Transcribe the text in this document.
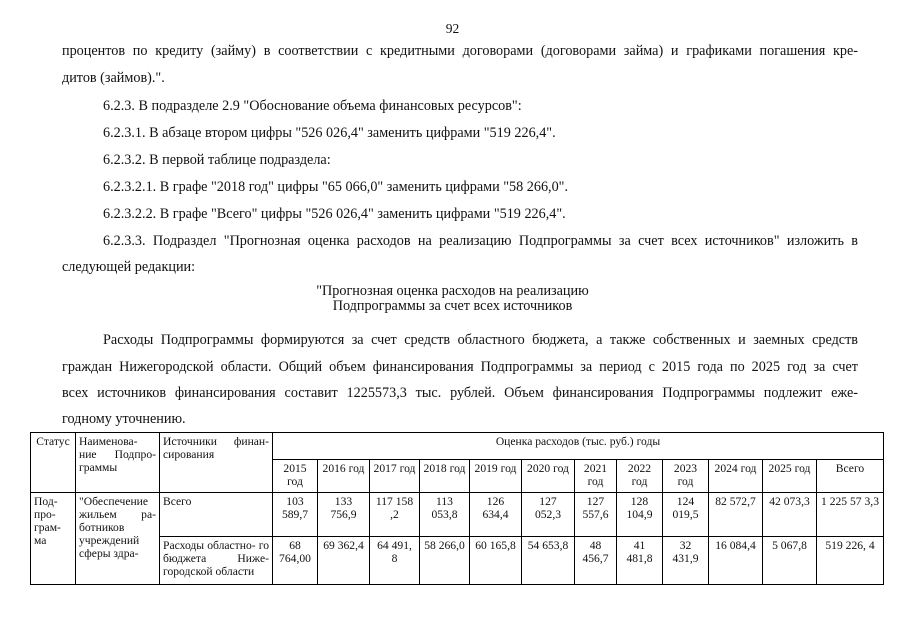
92
процентов по кредиту (займу) в соответствии с кредитными договорами (договорами займа) и графиками погашения кре-
дитов (займов).".
6.2.3. В подразделе 2.9 "Обоснование объема финансовых ресурсов":
6.2.3.1. В абзаце втором цифры "526 026,4" заменить цифрами "519 226,4".
6.2.3.2. В первой таблице подраздела:
6.2.3.2.1. В графе "2018 год" цифры "65 066,0" заменить цифрами "58 266,0".
6.2.3.2.2. В графе "Всего" цифры "526 026,4" заменить цифрами "519 226,4".
6.2.3.3. Подраздел "Прогнозная оценка расходов на реализацию Подпрограммы за счет всех источников" изложить в
следующей редакции:
"Прогнозная оценка расходов на реализацию
Подпрограммы за счет всех источников
Расходы Подпрограммы формируются за счет средств областного бюджета, а также собственных и заемных средств
граждан Нижегородской области. Общий объем финансирования Подпрограммы за период с 2015 года по 2025 год за счет
всех источников финансирования составит 1225573,3 тыс. рублей. Объем финансирования Подпрограммы подлежит еже-
годному уточнению.
Статус	Наименова- ние Подпро- граммы	Источники финан- сирования	Оценка расходов (тыс. руб.) годы											
			2015 год	2016 год	2017 год	2018 год	2019 год	2020 год	2021 год	2022 год	2023 год	2024 год	2025 год	Всего
Под- про- грам- ма	"Обеспечение жильем ра- ботников учреждений сферы здра-	Всего	103 589,7	133 756,9	117 158 ,2	113 053,8	126 634,4	127 052,3	127 557,6	128 104,9	124 019,5	82 572,7	42 073,3	1 225 57 3,3
		Расходы областно- го бюджета Нижe- городской области	68 764,00	69 362,4	64 491, 8	58 266,0	60 165,8	54 653,8	48 456,7	41 481,8	32 431,9	16 084,4	5 067,8	519 226, 4
